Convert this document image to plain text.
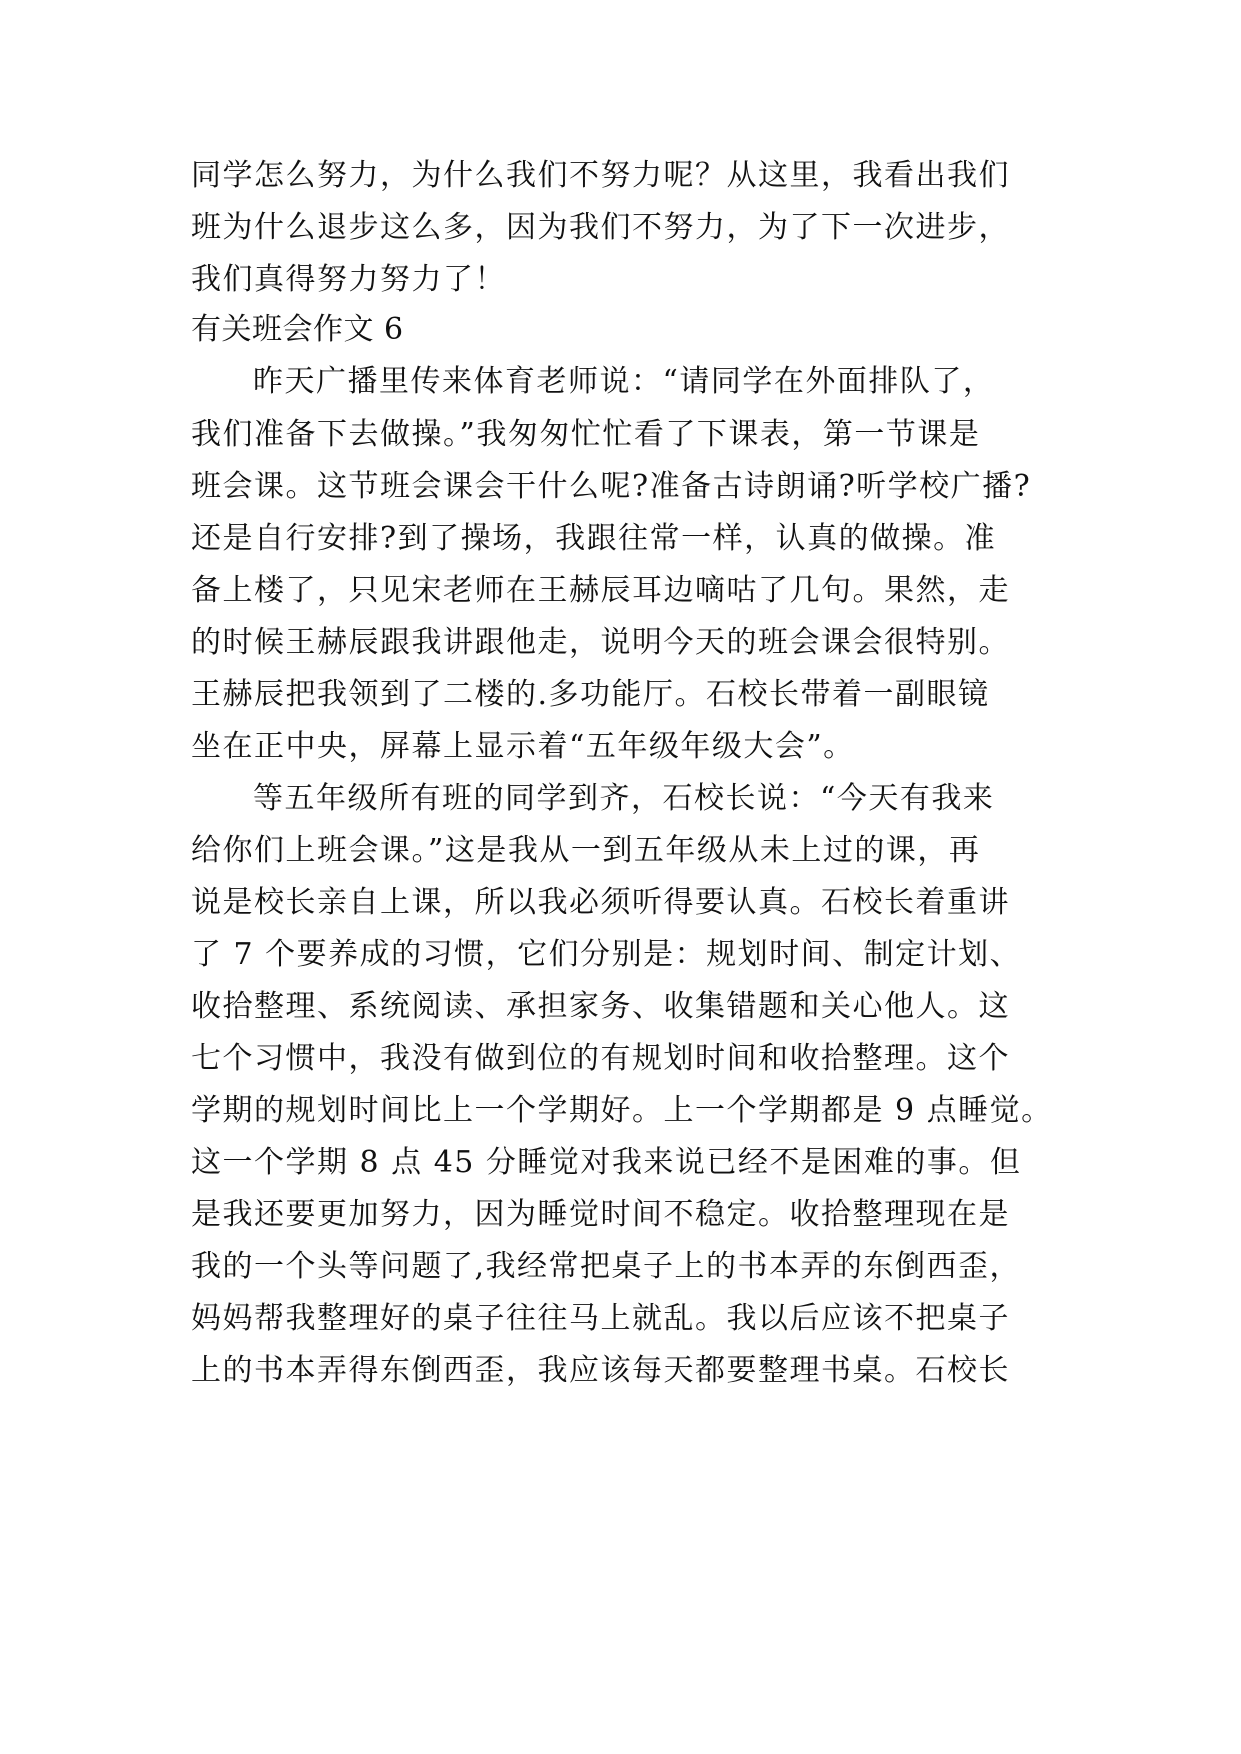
同学怎么努力，为什么我们不努力呢？从这里，我看出我们

班为什么退步这么多，因为我们不努力，为了下一次进步，

我们真得努力努力了！

有关班会作文 6

昨天广播里传来体育老师说：“请同学在外面排队了，

我们准备下去做操。”我匆匆忙忙看了下课表，第一节课是

班会课。这节班会课会干什么呢?准备古诗朗诵?听学校广播?

还是自行安排?到了操场，我跟往常一样，认真的做操。准

备上楼了，只见宋老师在王赫辰耳边嘀咕了几句。果然，走

的时候王赫辰跟我讲跟他走，说明今天的班会课会很特别。

王赫辰把我领到了二楼的.多功能厅。石校长带着一副眼镜

坐在正中央，屏幕上显示着“五年级年级大会”。

等五年级所有班的同学到齐，石校长说：“今天有我来

给你们上班会课。”这是我从一到五年级从未上过的课，再

说是校长亲自上课，所以我必须听得要认真。石校长着重讲

了 7 个要养成的习惯，它们分别是：规划时间、制定计划、

收拾整理、系统阅读、承担家务、收集错题和关心他人。这

七个习惯中，我没有做到位的有规划时间和收拾整理。这个

学期的规划时间比上一个学期好。上一个学期都是 9 点睡觉。

这一个学期 8 点 45 分睡觉对我来说已经不是困难的事。但

是我还要更加努力，因为睡觉时间不稳定。收拾整理现在是

我的一个头等问题了,我经常把桌子上的书本弄的东倒西歪，

妈妈帮我整理好的桌子往往马上就乱。我以后应该不把桌子

上的书本弄得东倒西歪，我应该每天都要整理书桌。石校长
